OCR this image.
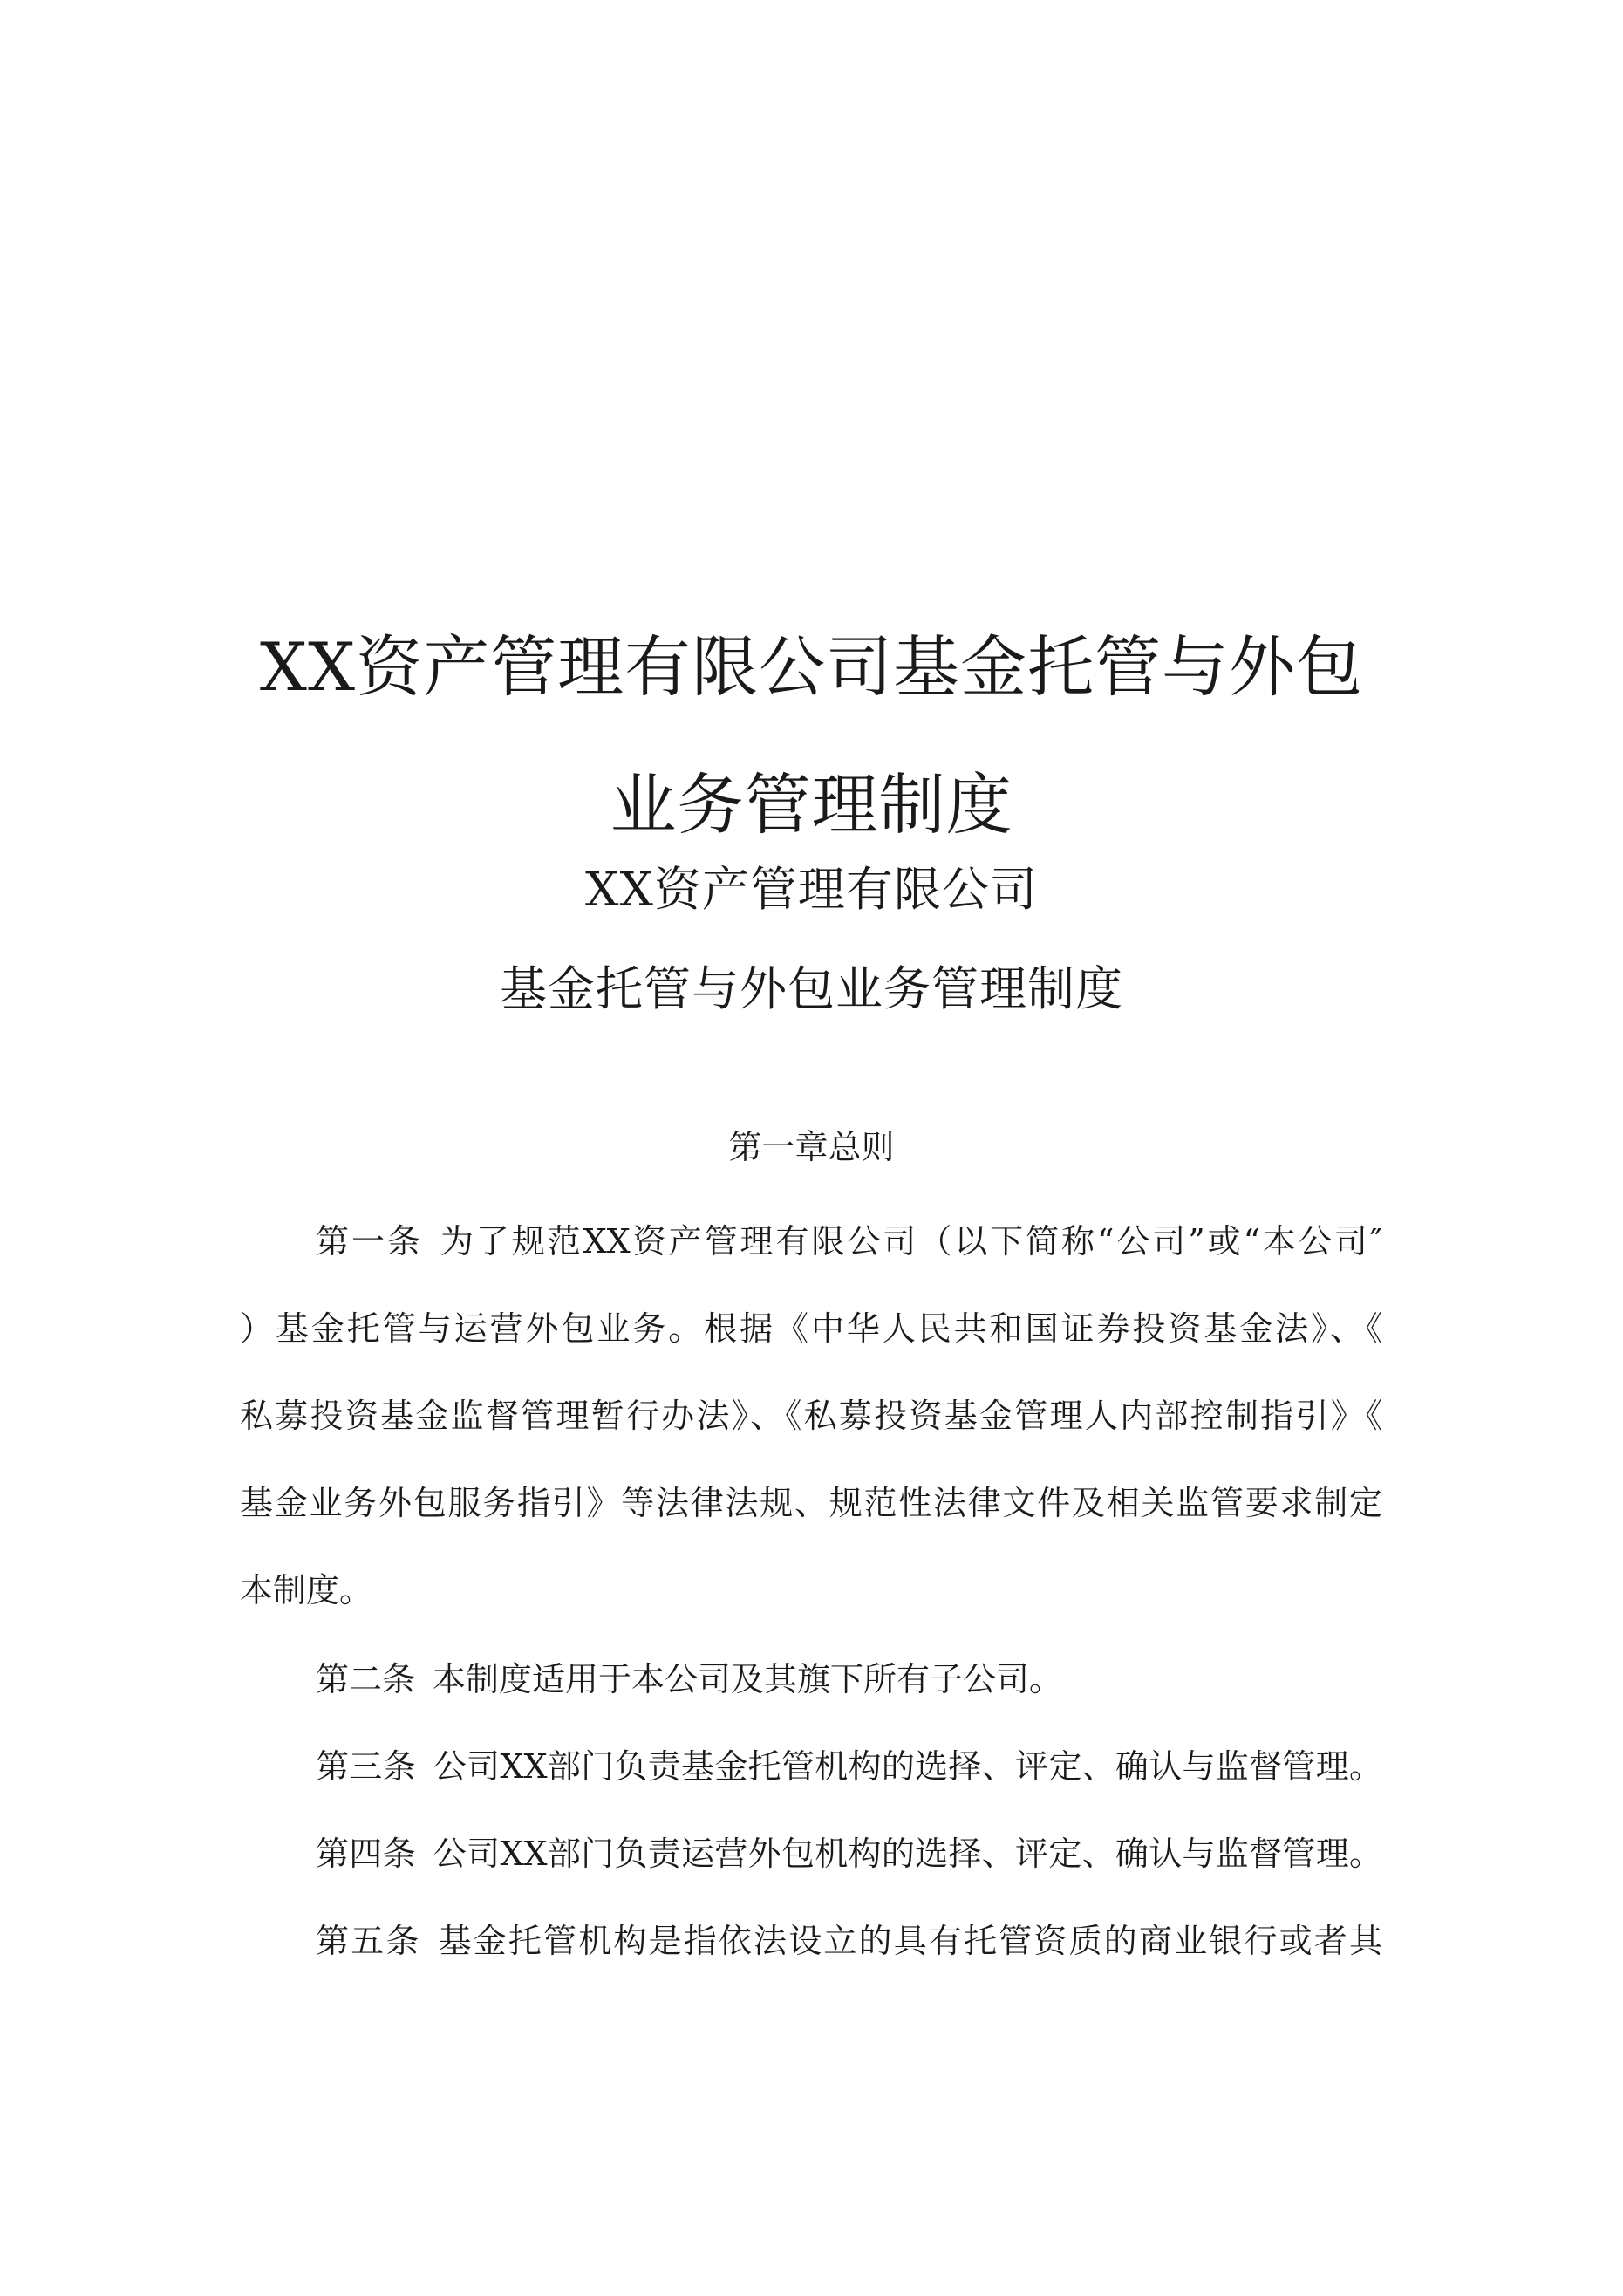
XX资产管理有限公司基金托管与外包
业务管理制度
XX资产管理有限公司
基金托管与外包业务管理制度
第一章总则
第一条 为了规范XX资产管理有限公司（以下简称“公司”或“本公司″
）基金托管与运营外包业务。根据《中华人民共和国证券投资基金法》、《
私募投资基金监督管理暂行办法》、《私募投资基金管理人内部控制指引》《
基金业务外包服务指引》等法律法规、规范性法律文件及相关监管要求制定
本制度。
第二条 本制度适用于本公司及其旗下所有子公司。
第三条 公司XX部门负责基金托管机构的选择、评定、确认与监督管理。
第四条 公司XX部门负责运营外包机构的选择、评定、确认与监督管理。
第五条 基金托管机构是指依法设立的具有托管资质的商业银行或者其
